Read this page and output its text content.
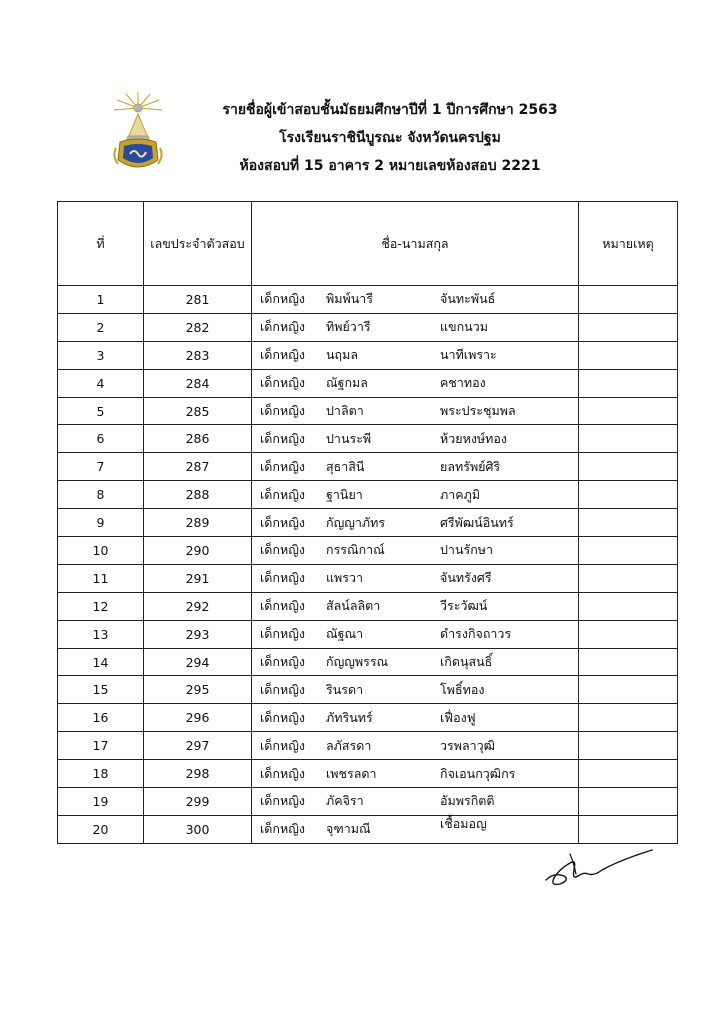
รายชื่อผู้เข้าสอบชั้นมัธยมศึกษาปีที่ 1 ปีการศึกษา 2563
โรงเรียนราชินีบูรณะ จังหวัดนครปฐม
ห้องสอบที่ 15 อาคาร 2 หมายเลขห้องสอบ 2221
ที่	เลขประจำตัวสอบ	ชื่อ-นามสกุล	หมายเหตุ
1	281	เด็กหญิง พิมพ์นารี จันทะพันธ์	

2	282	เด็กหญิง ทิพย์วารี แขกนวม	

3	283	เด็กหญิง นฤมล นาทีเพราะ	

4	284	เด็กหญิง ณัฐกมล คชาทอง	

5	285	เด็กหญิง ปาลิตา พระประชุมพล	

6	286	เด็กหญิง ปานระพี ห้วยหงษ์ทอง	

7	287	เด็กหญิง สุธาสินี ยลทรัพย์ศิริ	

8	288	เด็กหญิง ฐานิยา ภาคภูมิ	

9	289	เด็กหญิง กัญญาภัทร ศรีพัฒน์อินทร์	

10	290	เด็กหญิง กรรณิกาณ์ ปานรักษา	

11	291	เด็กหญิง แพรวา จันทรังศรี	

12	292	เด็กหญิง สัลน์ลลิตา วีระวัฒน์	

13	293	เด็กหญิง ณัฐณา ดำรงกิจถาวร	

14	294	เด็กหญิง กัญญพรรณ เกิดนุสนธิ์	

15	295	เด็กหญิง รินรดา โพธิ์ทอง	

16	296	เด็กหญิง ภัทรินทร์ เฟื่องฟู	

17	297	เด็กหญิง ลภัสรดา วรพลาวุฒิ	

18	298	เด็กหญิง เพชรลดา กิจเอนกวุฒิกร	

19	299	เด็กหญิง ภัคจิรา อัมพรกิตติ	

20	300	เด็กหญิง จุฑามณี เชื้อมอญ	
